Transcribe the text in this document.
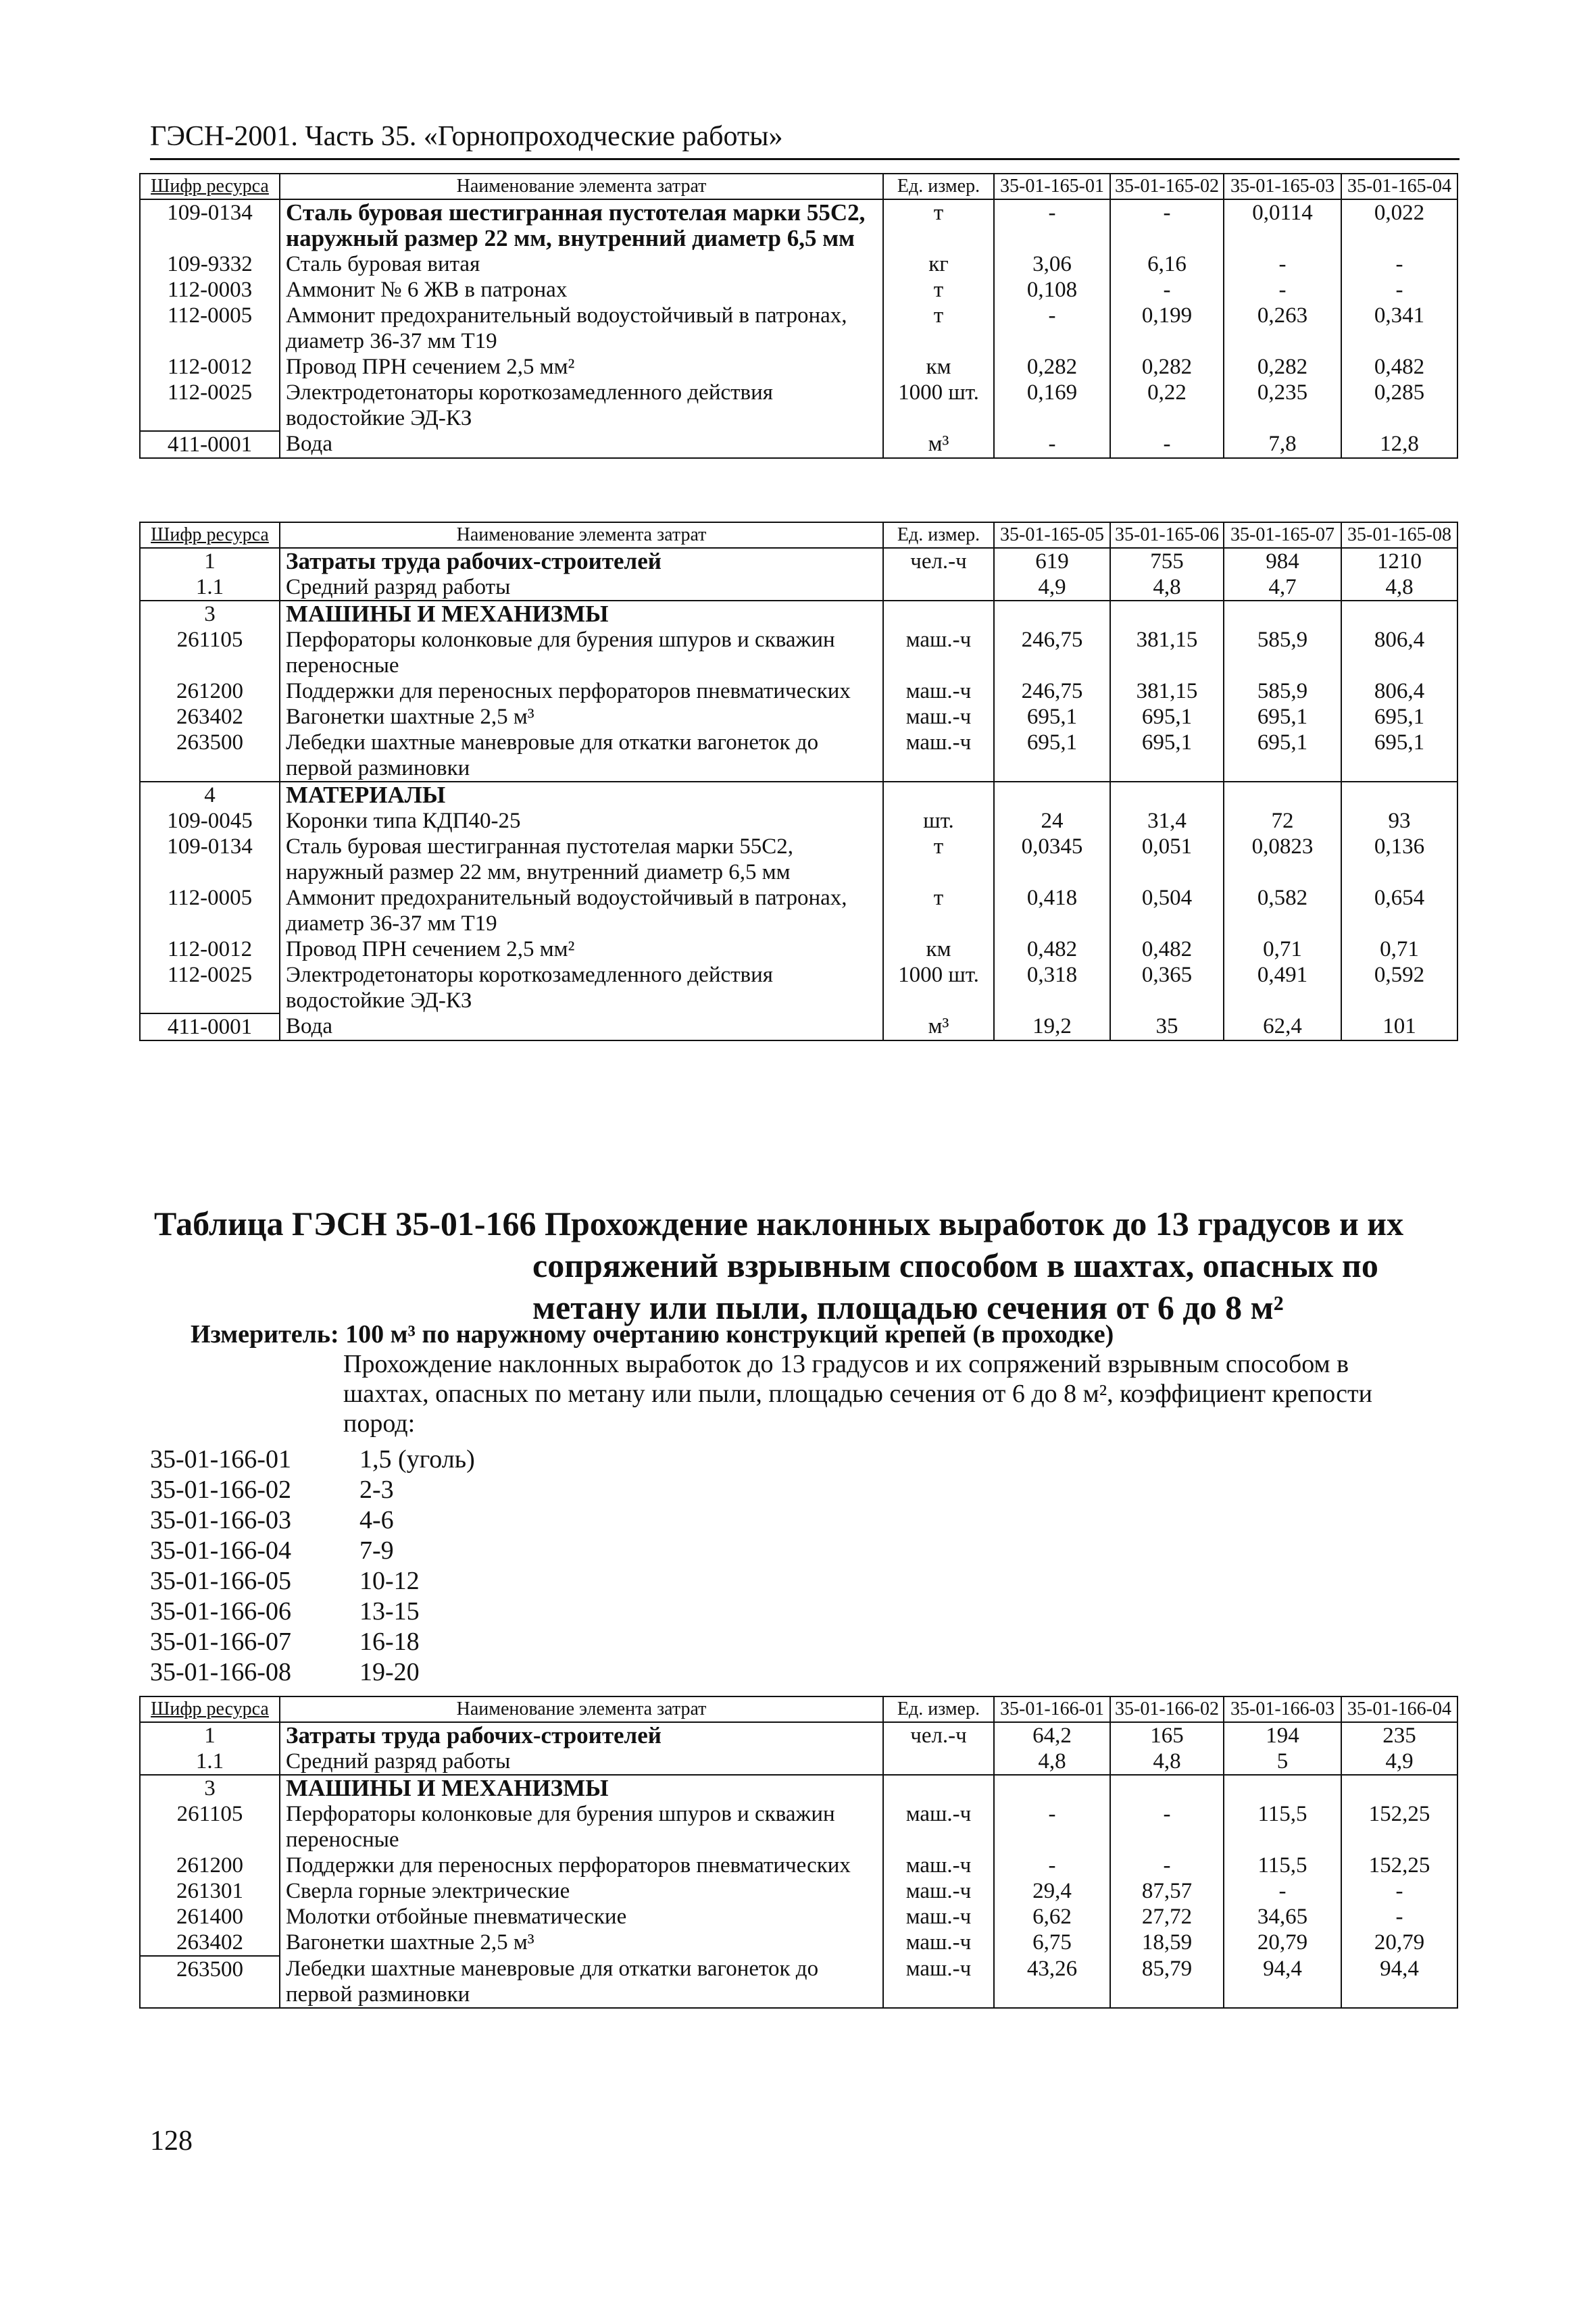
ГЭСН-2001. Часть 35. «Горнопроходческие работы»
Шифр ресурса	Наименование элемента затрат	Ед. измер.	35-01-165-01	35-01-165-02	35-01-165-03	35-01-165-04
109-0134	Сталь буровая шестигранная пустотелая марки 55С2, наружный размер 22 мм, внутренний диаметр 6,5 мм	т	-	-	0,0114	0,022
109-9332	Сталь буровая витая	кг	3,06	6,16	-	-
112-0003	Аммонит № 6 ЖВ в патронах	т	0,108	-	-	-
112-0005	Аммонит предохранительный водоустойчивый в патронах, диаметр 36-37 мм Т19	т	-	0,199	0,263	0,341
112-0012	Провод ПРН сечением 2,5 мм²	км	0,282	0,282	0,282	0,482
112-0025	Электродетонаторы короткозамедленного действия водостойкие ЭД-КЗ	1000 шт.	0,169	0,22	0,235	0,285
411-0001	Вода	м³	-	-	7,8	12,8
Шифр ресурса	Наименование элемента затрат	Ед. измер.	35-01-165-05	35-01-165-06	35-01-165-07	35-01-165-08
1	Затраты труда рабочих-строителей	чел.-ч	619	755	984	1210
1.1	Средний разряд работы		4,9	4,8	4,7	4,8
3	МАШИНЫ И МЕХАНИЗМЫ					
261105	Перфораторы колонковые для бурения шпуров и скважин переносные	маш.-ч	246,75	381,15	585,9	806,4
261200	Поддержки для переносных перфораторов пневматических	маш.-ч	246,75	381,15	585,9	806,4
263402	Вагонетки шахтные 2,5 м³	маш.-ч	695,1	695,1	695,1	695,1
263500	Лебедки шахтные маневровые для откатки вагонеток до первой разминовки	маш.-ч	695,1	695,1	695,1	695,1
4	МАТЕРИАЛЫ					
109-0045	Коронки типа КДП40-25	шт.	24	31,4	72	93
109-0134	Сталь буровая шестигранная пустотелая марки 55С2, наружный размер 22 мм, внутренний диаметр 6,5 мм	т	0,0345	0,051	0,0823	0,136
112-0005	Аммонит предохранительный водоустойчивый в патронах, диаметр 36-37 мм Т19	т	0,418	0,504	0,582	0,654
112-0012	Провод ПРН сечением 2,5 мм²	км	0,482	0,482	0,71	0,71
112-0025	Электродетонаторы короткозамедленного действия водостойкие ЭД-КЗ	1000 шт.	0,318	0,365	0,491	0,592
411-0001	Вода	м³	19,2	35	62,4	101
Таблица ГЭСН 35-01-166 Прохождение наклонных выработок до 13 градусов и их
сопряжений взрывным способом в шахтах, опасных по
метану или пыли, площадью сечения от 6 до 8 м²
Измеритель: 100 м³ по наружному очертанию конструкций крепей (в проходке)
Прохождение наклонных выработок до 13 градусов и их сопряжений взрывным способом в шахтах, опасных по метану или пыли, площадью сечения от 6 до 8 м², коэффициент крепости пород:
35-01-166-01	1,5 (уголь)
35-01-166-02	2-3
35-01-166-03	4-6
35-01-166-04	7-9
35-01-166-05	10-12
35-01-166-06	13-15
35-01-166-07	16-18
35-01-166-08	19-20
Шифр ресурса	Наименование элемента затрат	Ед. измер.	35-01-166-01	35-01-166-02	35-01-166-03	35-01-166-04
1	Затраты труда рабочих-строителей	чел.-ч	64,2	165	194	235
1.1	Средний разряд работы		4,8	4,8	5	4,9
3	МАШИНЫ И МЕХАНИЗМЫ					
261105	Перфораторы колонковые для бурения шпуров и скважин переносные	маш.-ч	-	-	115,5	152,25
261200	Поддержки для переносных перфораторов пневматических	маш.-ч	-	-	115,5	152,25
261301	Сверла горные электрические	маш.-ч	29,4	87,57	-	-
261400	Молотки отбойные пневматические	маш.-ч	6,62	27,72	34,65	-
263402	Вагонетки шахтные 2,5 м³	маш.-ч	6,75	18,59	20,79	20,79
263500	Лебедки шахтные маневровые для откатки вагонеток до первой разминовки	маш.-ч	43,26	85,79	94,4	94,4
128
